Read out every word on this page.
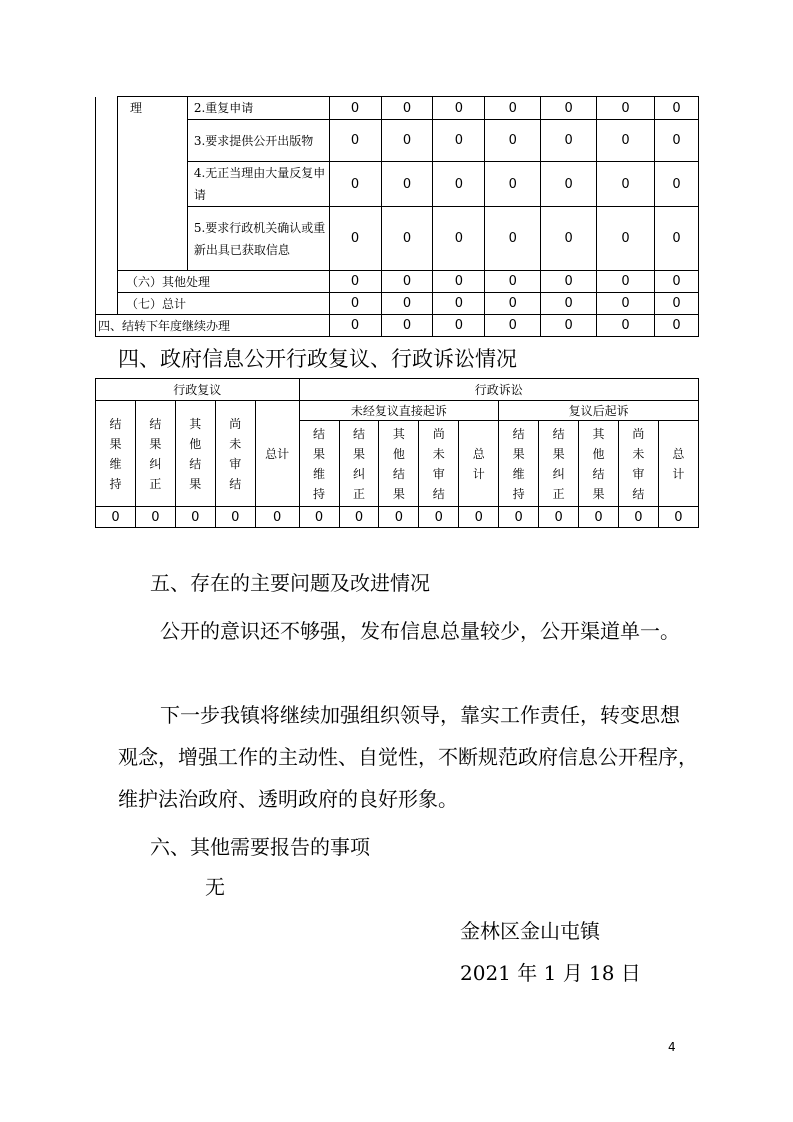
	理	2.重复申请	0	0	0	0	0	0	0
		3.要求提供公开出版物	0	0	0	0	0	0	0
		4.无正当理由大量反复申请	0	0	0	0	0	0	0
		5.要求行政机关确认或重新出具已获取信息	0	0	0	0	0	0	0
	（六）其他处理		0	0	0	0	0	0	0
	（七）总计		0	0	0	0	0	0	0
四、结转下年度继续办理			0	0	0	0	0	0	0
四、政府信息公开行政复议、行政诉讼情况
行政复议					行政诉讼									
结果维持	结果纠正	其他结果	尚未审结	总计	未经复议直接起诉					复议后起诉				
					结果维持	结果纠正	其他结果	尚未审结	总计	结果维持	结果纠正	其他结果	尚未审结	总计
0	0	0	0	0	0	0	0	0	0	0	0	0	0	0
五、存在的主要问题及改进情况
公开的意识还不够强，发布信息总量较少，公开渠道单一。
下一步我镇将继续加强组织领导，靠实工作责任，转变思想观念，增强工作的主动性、自觉性，不断规范政府信息公开程序，维护法治政府、透明政府的良好形象。
六、其他需要报告的事项
无
金林区金山屯镇
2021 年 1 月 18 日
4
